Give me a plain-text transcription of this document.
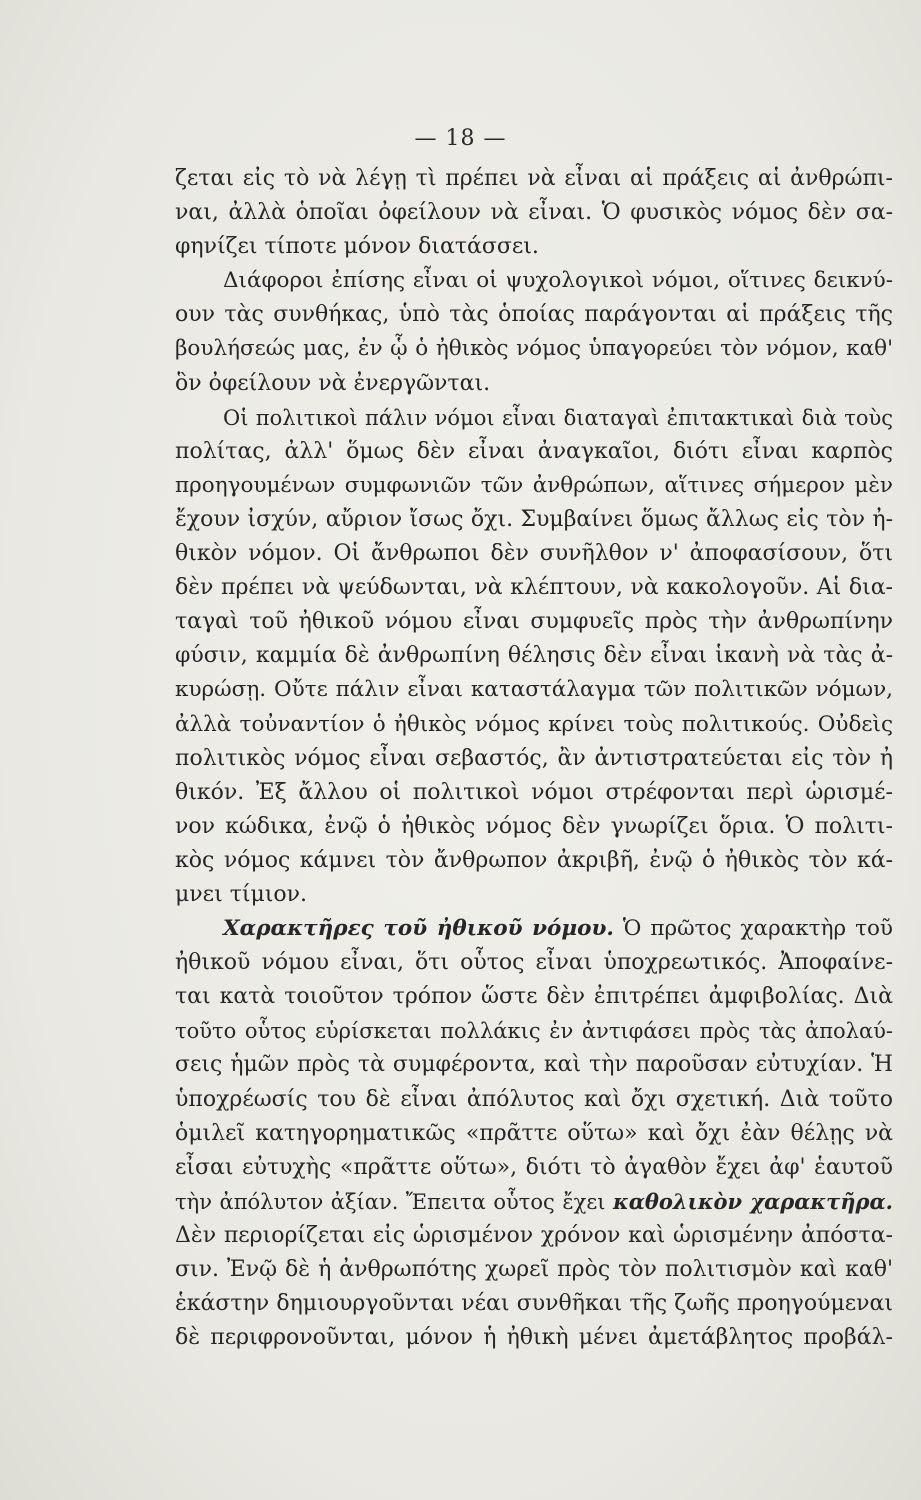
— 18 —
ζεται εἰς τὸ νὰ λέγῃ τὶ πρέπει νὰ εἶναι αἱ πράξεις αἱ ἀνθρώπι-
ναι, ἀλλὰ ὁποῖαι ὀφείλουν νὰ εἶναι. Ὁ φυσικὸς νόμος δὲν σα-
φηνίζει τίποτε μόνον διατάσσει.
Διάφοροι ἐπίσης εἶναι οἱ ψυχολογικοὶ νόμοι, οἵτινες δεικνύ-
ουν τὰς συνθήκας, ὑπὸ τὰς ὁποίας παράγονται αἱ πράξεις τῆς
βουλήσεώς μας, ἐν ᾧ ὁ ἠθικὸς νόμος ὑπαγορεύει τὸν νόμον, καθ'
ὃν ὀφείλουν νὰ ἐνεργῶνται.
Οἱ πολιτικοὶ πάλιν νόμοι εἶναι διαταγαὶ ἐπιτακτικαὶ διὰ τοὺς
πολίτας, ἀλλ' ὅμως δὲν εἶναι ἀναγκαῖοι, διότι εἶναι καρπὸς
προηγουμένων συμφωνιῶν τῶν ἀνθρώπων, αἵτινες σήμερον μὲν
ἔχουν ἰσχύν, αὔριον ἴσως ὄχι. Συμβαίνει ὅμως ἄλλως εἰς τὸν ἠ-
θικὸν νόμον. Οἱ ἄνθρωποι δὲν συνῆλθον ν' ἀποφασίσουν, ὅτι
δὲν πρέπει νὰ ψεύδωνται, νὰ κλέπτουν, νὰ κακολογοῦν. Αἱ δια-
ταγαὶ τοῦ ἠθικοῦ νόμου εἶναι συμφυεῖς πρὸς τὴν ἀνθρωπίνην
φύσιν, καμμία δὲ ἀνθρωπίνη θέλησις δὲν εἶναι ἱκανὴ νὰ τὰς ἀ-
κυρώσῃ. Οὔτε πάλιν εἶναι καταστάλαγμα τῶν πολιτικῶν νόμων,
ἀλλὰ τοὐναντίον ὁ ἠθικὸς νόμος κρίνει τοὺς πολιτικούς. Οὐδεὶς
πολιτικὸς νόμος εἶναι σεβαστός, ἂν ἀντιστρατεύεται εἰς τὸν ἠ
θικόν. Ἐξ ἄλλου οἱ πολιτικοὶ νόμοι στρέφονται περὶ ὡρισμέ-
νον κώδικα, ἐνῷ ὁ ἠθικὸς νόμος δὲν γνωρίζει ὅρια. Ὁ πολιτι-
κὸς νόμος κάμνει τὸν ἄνθρωπον ἀκριβῆ, ἐνῷ ὁ ἠθικὸς τὸν κά-
μνει τίμιον.
Χαρακτῆρες τοῦ ἠθικοῦ νόμου. Ὁ πρῶτος χαρακτὴρ τοῦ
ἠθικοῦ νόμου εἶναι, ὅτι οὗτος εἶναι ὑποχρεωτικός. Ἀποφαίνε-
ται κατὰ τοιοῦτον τρόπον ὥστε δὲν ἐπιτρέπει ἀμφιβολίας. Διὰ
τοῦτο οὗτος εὑρίσκεται πολλάκις ἐν ἀντιφάσει πρὸς τὰς ἀπολαύ-
σεις ἡμῶν πρὸς τὰ συμφέροντα, καὶ τὴν παροῦσαν εὐτυχίαν. Ἡ
ὑποχρέωσίς του δὲ εἶναι ἀπόλυτος καὶ ὄχι σχετική. Διὰ τοῦτο
ὁμιλεῖ κατηγορηματικῶς «πρᾶττε οὕτω» καὶ ὄχι ἐὰν θέλῃς νὰ
εἶσαι εὐτυχὴς «πρᾶττε οὕτω», διότι τὸ ἀγαθὸν ἔχει ἀφ' ἑαυτοῦ
τὴν ἀπόλυτον ἀξίαν. Ἔπειτα οὗτος ἔχει καθολικὸν χαρακτῆρα.
Δὲν περιορίζεται εἰς ὡρισμένον χρόνον καὶ ὡρισμένην ἀπόστα-
σιν. Ἐνῷ δὲ ἡ ἀνθρωπότης χωρεῖ πρὸς τὸν πολιτισμὸν καὶ καθ'
ἑκάστην δημιουργοῦνται νέαι συνθῆκαι τῆς ζωῆς προηγούμεναι
δὲ περιφρονοῦνται, μόνον ἡ ἠθικὴ μένει ἀμετάβλητος προβάλ-
